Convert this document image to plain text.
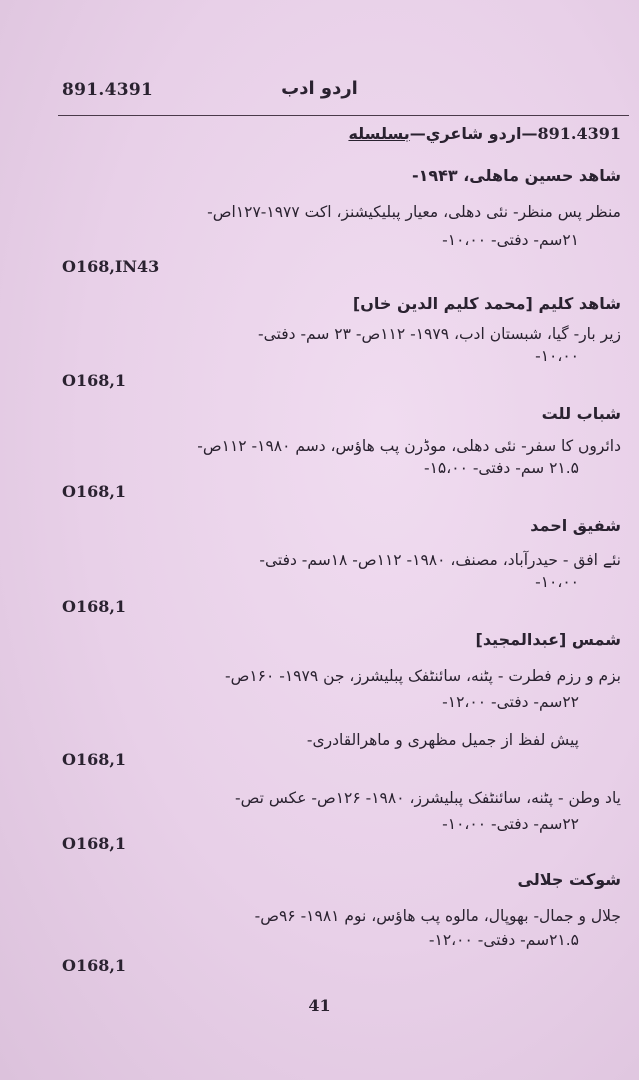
891.4391	اردو ادب
891.4391—اردو شاعري—بسلسله
شاهد حسين ماهلی، ۱۹۴۳-
منظر پس منظر- نئی دهلی، معیار پبلیکیشنز، اکت ۱۹۷۷-۱۲۷اص-
۲۱سم- دفتی- ۱۰،۰۰-
O168,IN43
شاهد کلیم [محمد کلیم الدین خاں]
زیر بار- گیا، شبستان ادب، ۱۹۷۹- ۱۱۲ص- ۲۳ سم- دفتی-
۱۰،۰۰-
O168,1
شباب للت
دائروں کا سفر- نئی دهلی، موڈرن پب هاؤس، دسم ۱۹۸۰- ۱۱۲ص-
۲۱.۵ سم- دفتی- ۱۵،۰۰-
O168,1
شفیق احمد
نئے افق - حیدرآباد، مصنف، ۱۹۸۰- ۱۱۲ص- ۱۸سم- دفتی-
۱۰،۰۰-
O168,1
شمس [عبدالمجید]
بزم و رزم فطرت - پٹنه، سائنٹفک پبلیشرز، جن ۱۹۷۹- ۱۶۰ص-
۲۲سم- دفتی- ۱۲،۰۰-
پیش لفظ از جمیل مظهری و ماهرالقادری-
O168,1
یاد وطن - پٹنه، سائنٹفک پبلیشرز، ۱۹۸۰- ۱۲۶ص- عکس تص-
۲۲سم- دفتی- ۱۰،۰۰-
O168,1
شوکت جلالی
جلال و جمال- بهوپال، مالوه پب هاؤس، نوم ۱۹۸۱- ۹۶ص-
۲۱.۵سم- دفتی- ۱۲،۰۰-
O168,1
41
